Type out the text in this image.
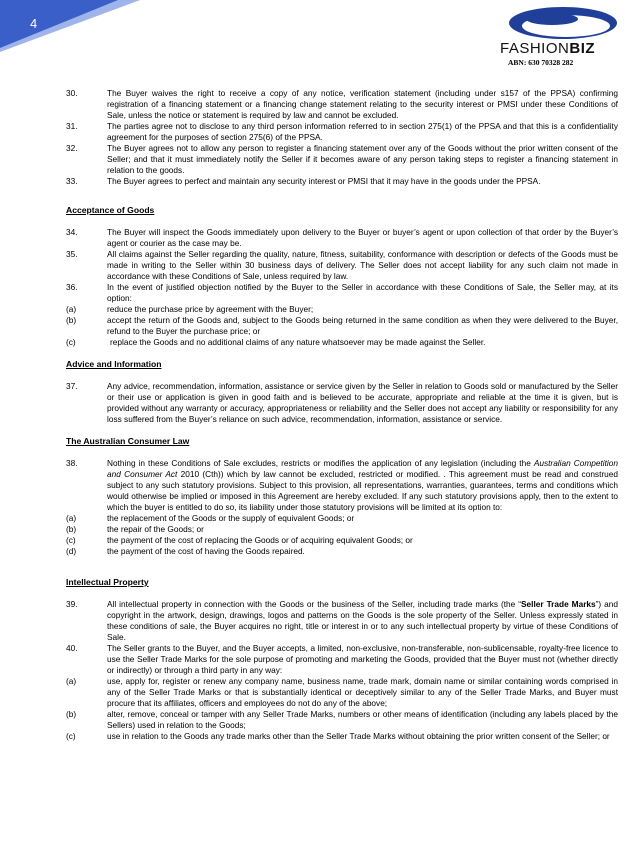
4
FASHIONBIZ
ABN: 630 70328 282
30.	The Buyer waives the right to receive a copy of any notice, verification statement (including under s157 of the PPSA) confirming registration of a financing statement or a financing change statement relating to the security interest or PMSI under these Conditions of Sale, unless the notice or statement is required by law and cannot be excluded.
31.	The parties agree not to disclose to any third person information referred to in section 275(1) of the PPSA and that this is a confidentiality agreement for the purposes of section 275(6) of the PPSA.
32.	The Buyer agrees not to allow any person to register a financing statement over any of the Goods without the prior written consent of the Seller; and that it must immediately notify the Seller if it becomes aware of any person taking steps to register a financing statement in relation to the goods.
33.	The Buyer agrees to perfect and maintain any security interest or PMSI that it may have in the goods under the PPSA.
Acceptance of Goods
34.	The Buyer will inspect the Goods immediately upon delivery to the Buyer or buyer’s agent or upon collection of that order by the Buyer’s agent or courier as the case may be.
35.	All claims against the Seller regarding the quality, nature, fitness, suitability, conformance with description or defects of the Goods must be made in writing to the Seller within 30 business days of delivery. The Seller does not accept liability for any such claim not made in accordance with these Conditions of Sale, unless required by law.
36.	In the event of justified objection notified by the Buyer to the Seller in accordance with these Conditions of Sale, the Seller may, at its option:
(a)	reduce the purchase price by agreement with the Buyer;
(b)	accept the return of the Goods and, subject to the Goods being returned in the same condition as when they were delivered to the Buyer, refund to the Buyer the purchase price; or
(c)	replace the Goods and no additional claims of any nature whatsoever may be made against the Seller.
Advice and Information
37.	Any advice, recommendation, information, assistance or service given by the Seller in relation to Goods sold or manufactured by the Seller or their use or application is given in good faith and is believed to be accurate, appropriate and reliable at the time it is given, but is provided without any warranty or accuracy, appropriateness or reliability and the Seller does not accept any liability or responsibility for any loss suffered from the Buyer’s reliance on such advice, recommendation, information, assistance or service.
The Australian Consumer Law
38.	Nothing in these Conditions of Sale excludes, restricts or modifies the application of any legislation (including the Australian Competition and Consumer Act 2010 (Cth)) which by law cannot be excluded, restricted or modified. . This agreement must be read and construed subject to any such statutory provisions. Subject to this provision, all representations, warranties, guarantees, terms and conditions which would otherwise be implied or imposed in this Agreement are hereby excluded. If any such statutory provisions apply, then to the extent to which the buyer is entitled to do so, its liability under those statutory provisions will be limited at its option to:
(a)	the replacement of the Goods or the supply of equivalent Goods; or
(b)	the repair of the Goods; or
(c)	the payment of the cost of replacing the Goods or of acquiring equivalent Goods; or
(d)	the payment of the cost of having the Goods repaired.
Intellectual Property
39.	All intellectual property in connection with the Goods or the business of the Seller, including trade marks (the “Seller Trade Marks”) and copyright in the artwork, design, drawings, logos and patterns on the Goods is the sole property of the Seller. Unless expressly stated in these conditions of sale, the Buyer acquires no right, title or interest in or to any such intellectual property by virtue of these Conditions of Sale.
40.	The Seller grants to the Buyer, and the Buyer accepts, a limited, non-exclusive, non-transferable, non-sublicensable, royalty-free licence to use the Seller Trade Marks for the sole purpose of promoting and marketing the Goods, provided that the Buyer must not (whether directly or indirectly) or through a third party in any way:
(a)	use, apply for, register or renew any company name, business name, trade mark, domain name or similar containing words comprised in any of the Seller Trade Marks or that is substantially identical or deceptively similar to any of the Seller Trade Marks, and Buyer must procure that its affiliates, officers and employees do not do any of the above;
(b)	alter, remove, conceal or tamper with any Seller Trade Marks, numbers or other means of identification (including any labels placed by the Sellers) used in relation to the Goods;
(c)	use in relation to the Goods any trade marks other than the Seller Trade Marks without obtaining the prior written consent of the Seller; or
